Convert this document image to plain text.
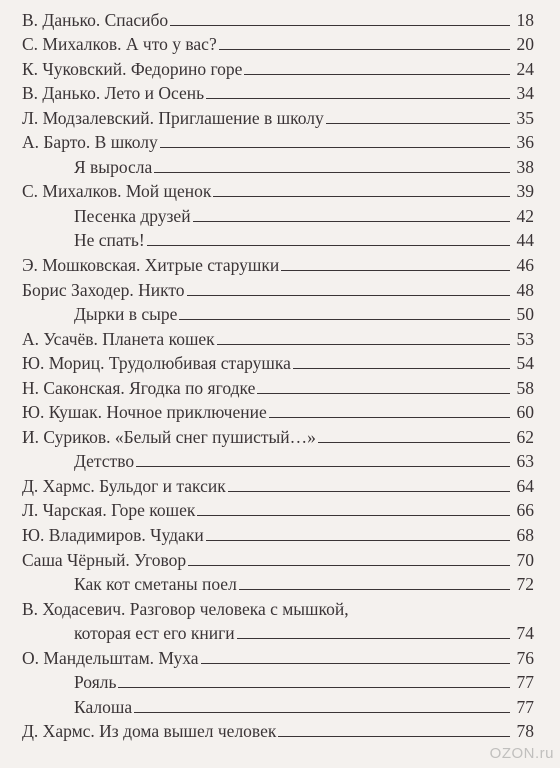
В. Данько. Спасибо	18
С. Михалков. А что у вас?	20
К. Чуковский. Федорино горе	24
В. Данько. Лето и Осень	34
Л. Модзалевский. Приглашение в школу	35
А. Барто. В школу	36
Я выросла	38
С. Михалков. Мой щенок	39
Песенка друзей	42
Не спать!	44
Э. Мошковская. Хитрые старушки	46
Борис Заходер. Никто	48
Дырки в сыре	50
А. Усачёв. Планета кошек	53
Ю. Мориц. Трудолюбивая старушка	54
Н. Саконская. Ягодка по ягодке	58
Ю. Кушак. Ночное приключение	60
И. Суриков. «Белый снег пушистый…»	62
Детство	63
Д. Хармс. Бульдог и таксик	64
Л. Чарская. Горе кошек	66
Ю. Владимиров. Чудаки	68
Саша Чёрный. Уговор	70
Как кот сметаны поел	72
В. Ходасевич. Разговор человека с мышкой,
которая ест его книги	74
О. Мандельштам. Муха	76
Рояль	77
Калоша	77
Д. Хармс. Из дома вышел человек	78
OZON.ru
